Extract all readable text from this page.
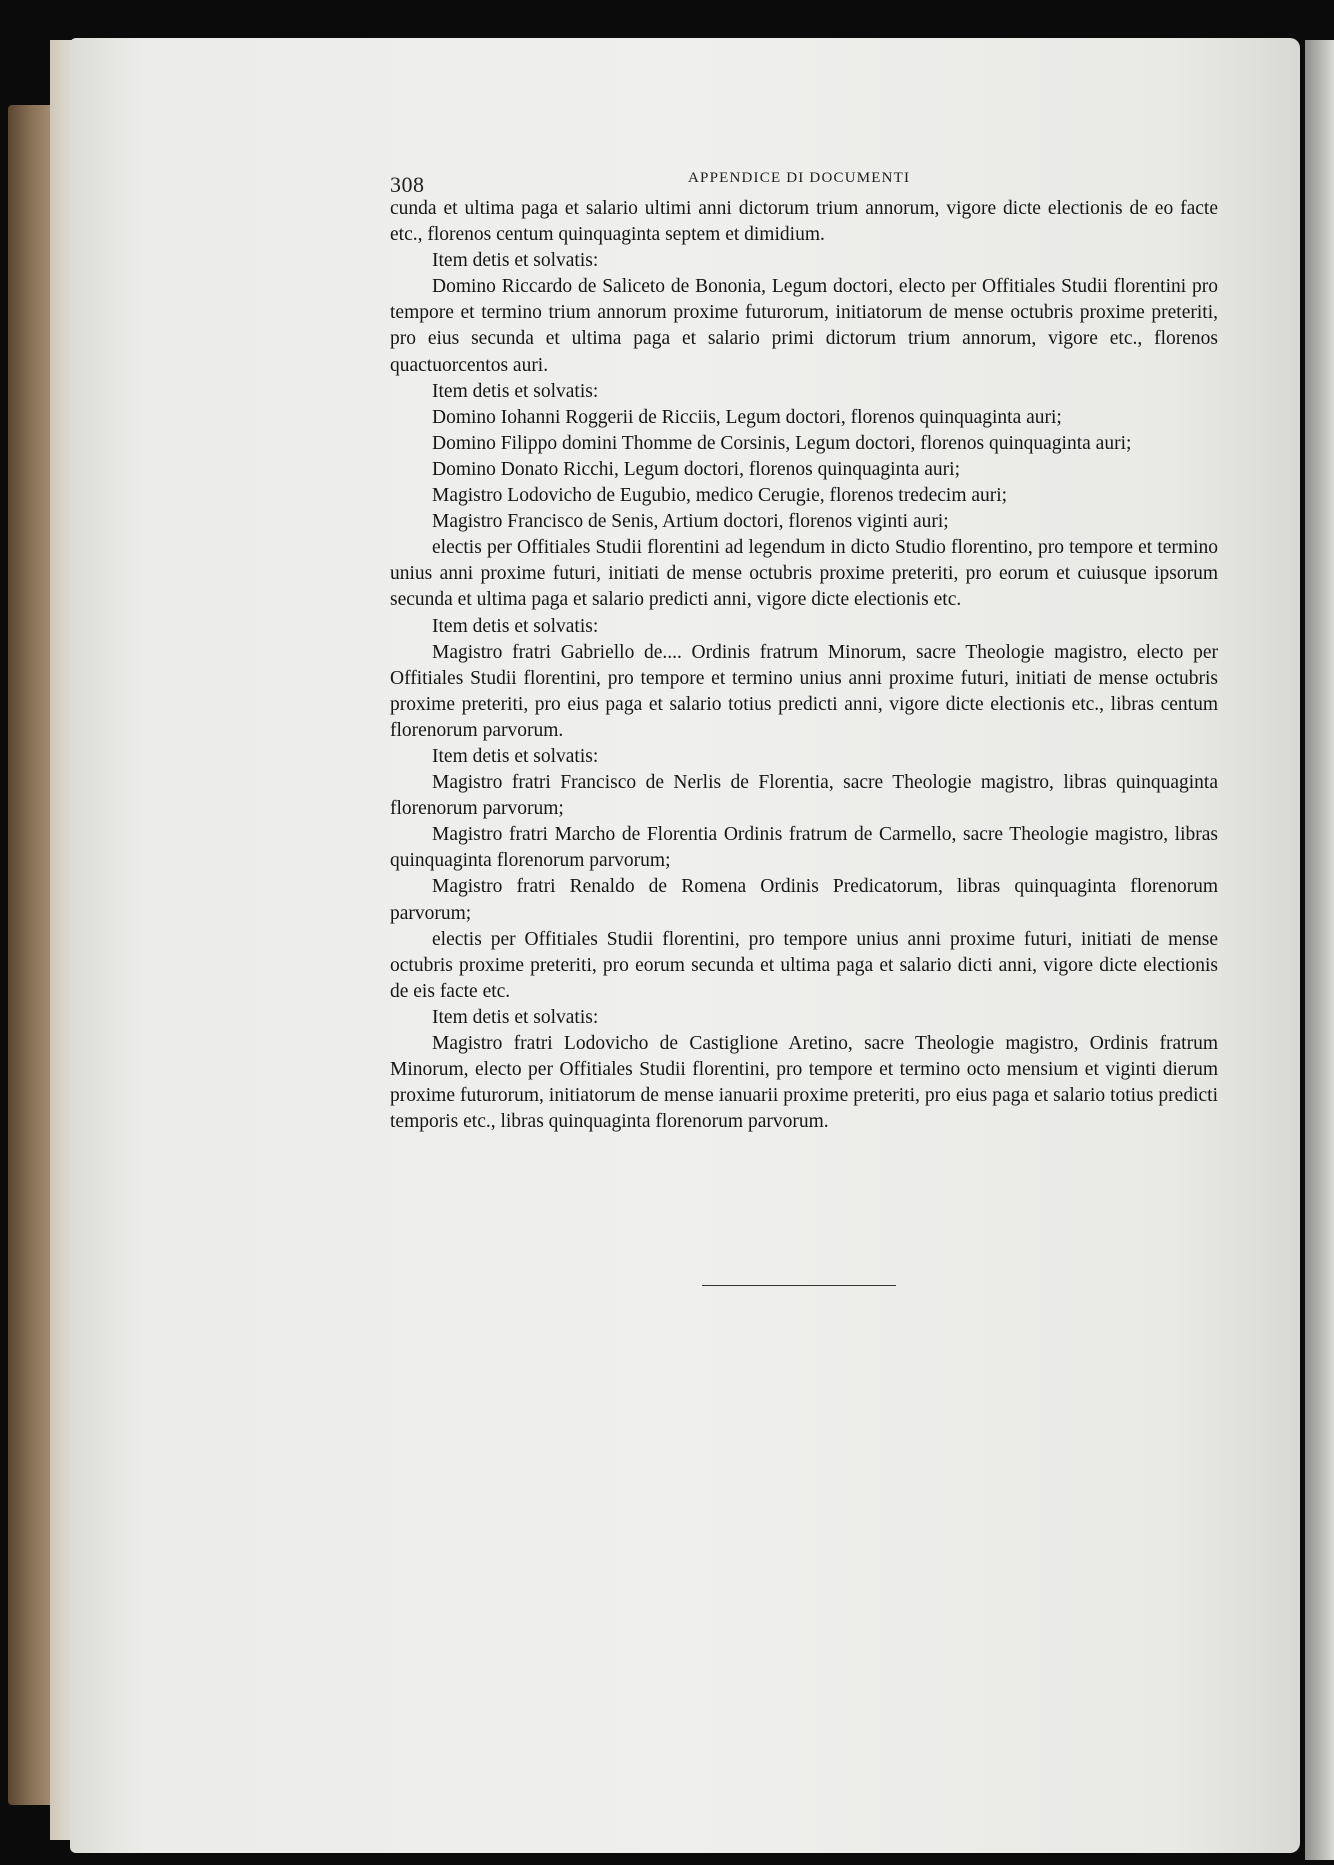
308	APPENDICE DI DOCUMENTI

cunda et ultima paga et salario ultimi anni dictorum trium annorum, vigore dicte electionis de eo facte etc., florenos centum quinquaginta septem et dimidium.

Item detis et solvatis:

Domino Riccardo de Saliceto de Bononia, Legum doctori, electo per Offitiales Studii florentini pro tempore et termino trium annorum proxime futurorum, initiatorum de mense octubris proxime preteriti, pro eius secunda et ultima paga et salario primi dictorum trium annorum, vigore etc., florenos quactuorcentos auri.

Item detis et solvatis:

Domino Iohanni Roggerii de Ricciis, Legum doctori, florenos quinquaginta auri;

Domino Filippo domini Thomme de Corsinis, Legum doctori, florenos quinquaginta auri;

Domino Donato Ricchi, Legum doctori, florenos quinquaginta auri;

Magistro Lodovicho de Eugubio, medico Cerugie, florenos tredecim auri;

Magistro Francisco de Senis, Artium doctori, florenos viginti auri;

electis per Offitiales Studii florentini ad legendum in dicto Studio florentino, pro tempore et termino unius anni proxime futuri, initiati de mense octubris proxime preteriti, pro eorum et cuiusque ipsorum secunda et ultima paga et salario predicti anni, vigore dicte electionis etc.

Item detis et solvatis:

Magistro fratri Gabriello de.... Ordinis fratrum Minorum, sacre Theologie magistro, electo per Offitiales Studii florentini, pro tempore et termino unius anni proxime futuri, initiati de mense octubris proxime preteriti, pro eius paga et salario totius predicti anni, vigore dicte electionis etc., libras centum florenorum parvorum.

Item detis et solvatis:

Magistro fratri Francisco de Nerlis de Florentia, sacre Theologie magistro, libras quinquaginta florenorum parvorum;

Magistro fratri Marcho de Florentia Ordinis fratrum de Carmello, sacre Theologie magistro, libras quinquaginta florenorum parvorum;

Magistro fratri Renaldo de Romena Ordinis Predicatorum, libras quinquaginta florenorum parvorum;

electis per Offitiales Studii florentini, pro tempore unius anni proxime futuri, initiati de mense octubris proxime preteriti, pro eorum secunda et ultima paga et salario dicti anni, vigore dicte electionis de eis facte etc.

Item detis et solvatis:

Magistro fratri Lodovicho de Castiglione Aretino, sacre Theologie magistro, Ordinis fratrum Minorum, electo per Offitiales Studii florentini, pro tempore et termino octo mensium et viginti dierum proxime futurorum, initiatorum de mense ianuarii proxime preteriti, pro eius paga et salario totius predicti temporis etc., libras quinquaginta florenorum parvorum.
